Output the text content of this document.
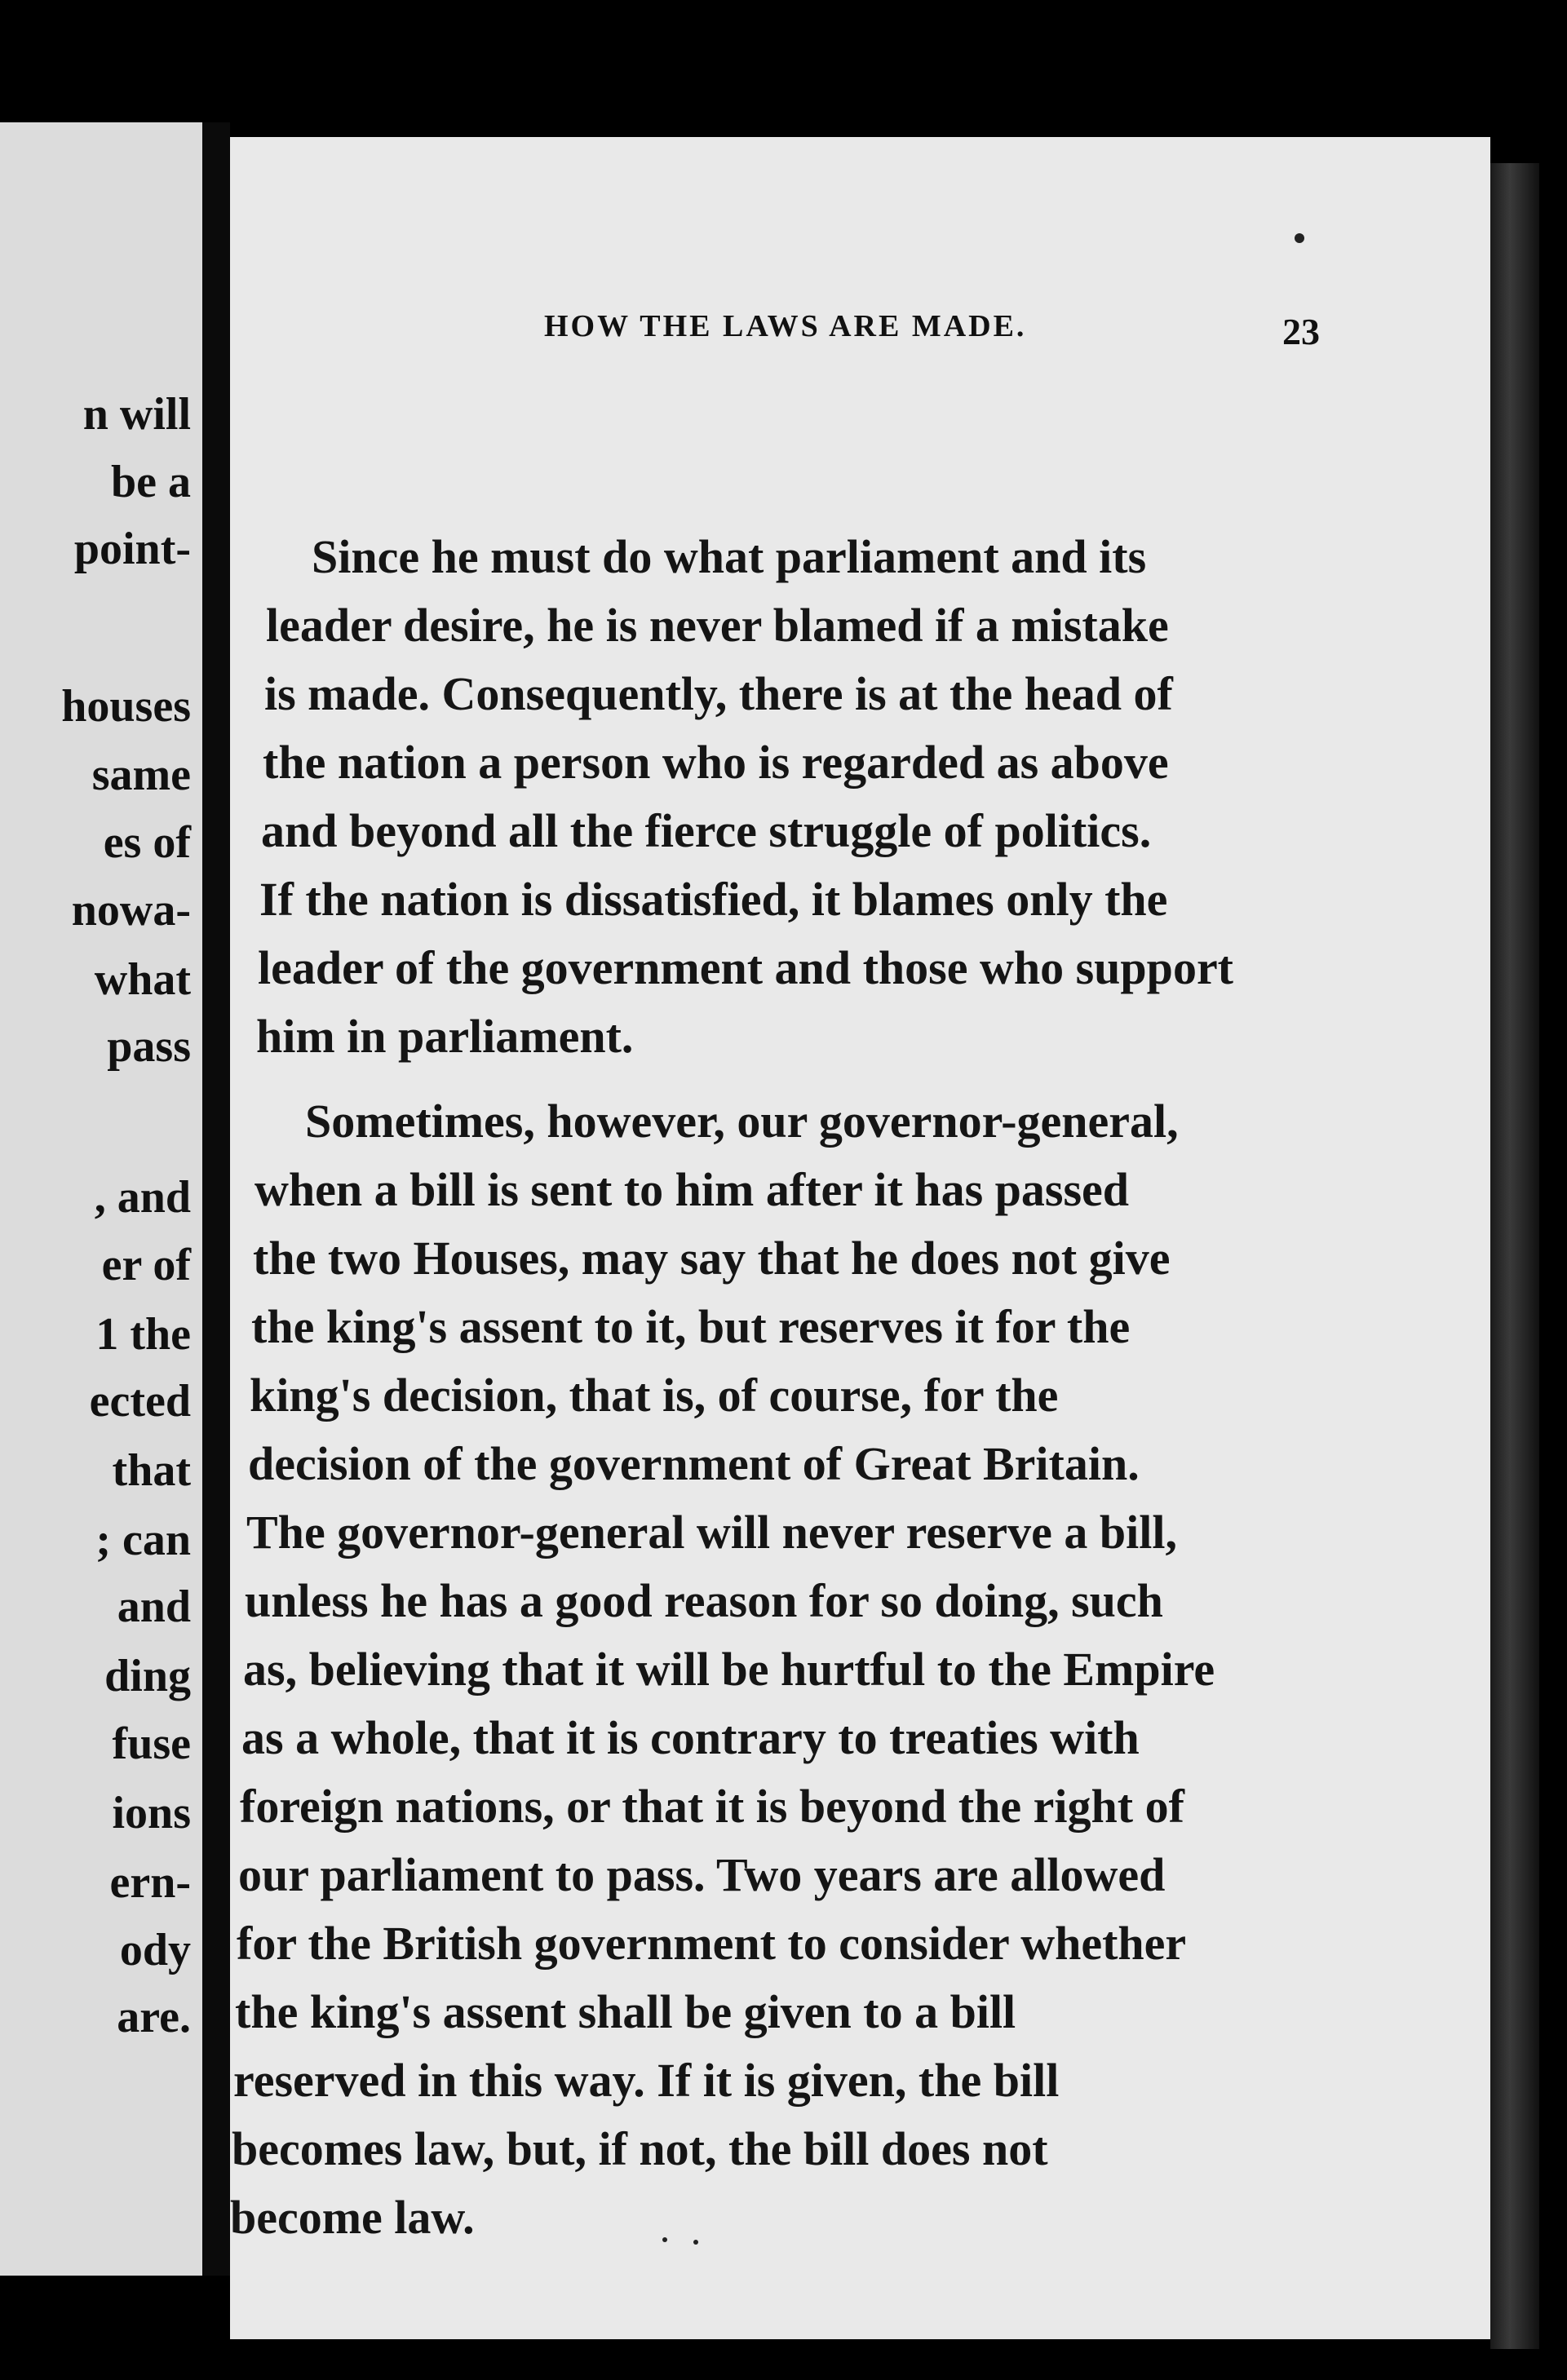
n will
be a
point-
houses
same
es of
nowa-
what
pass
, and
er of
1 the
ected
that
; can
and
ding
fuse
ions
ern-
ody
are.
HOW THE LAWS ARE MADE.	23
Since he must do what parliament and its
leader desire, he is never blamed if a mistake
is made. Consequently, there is at the head of
the nation a person who is regarded as above
and beyond all the fierce struggle of politics.
If the nation is dissatisfied, it blames only the
leader of the government and those who support
him in parliament.
Sometimes, however, our governor-general,
when a bill is sent to him after it has passed
the two Houses, may say that he does not give
the king's assent to it, but reserves it for the
king's decision, that is, of course, for the
decision of the government of Great Britain.
The governor-general will never reserve a bill,
unless he has a good reason for so doing, such
as, believing that it will be hurtful to the Empire
as a whole, that it is contrary to treaties with
foreign nations, or that it is beyond the right of
our parliament to pass. Two years are allowed
for the British government to consider whether
the king's assent shall be given to a bill
reserved in this way. If it is given, the bill
becomes law, but, if not, the bill does not
become law.
